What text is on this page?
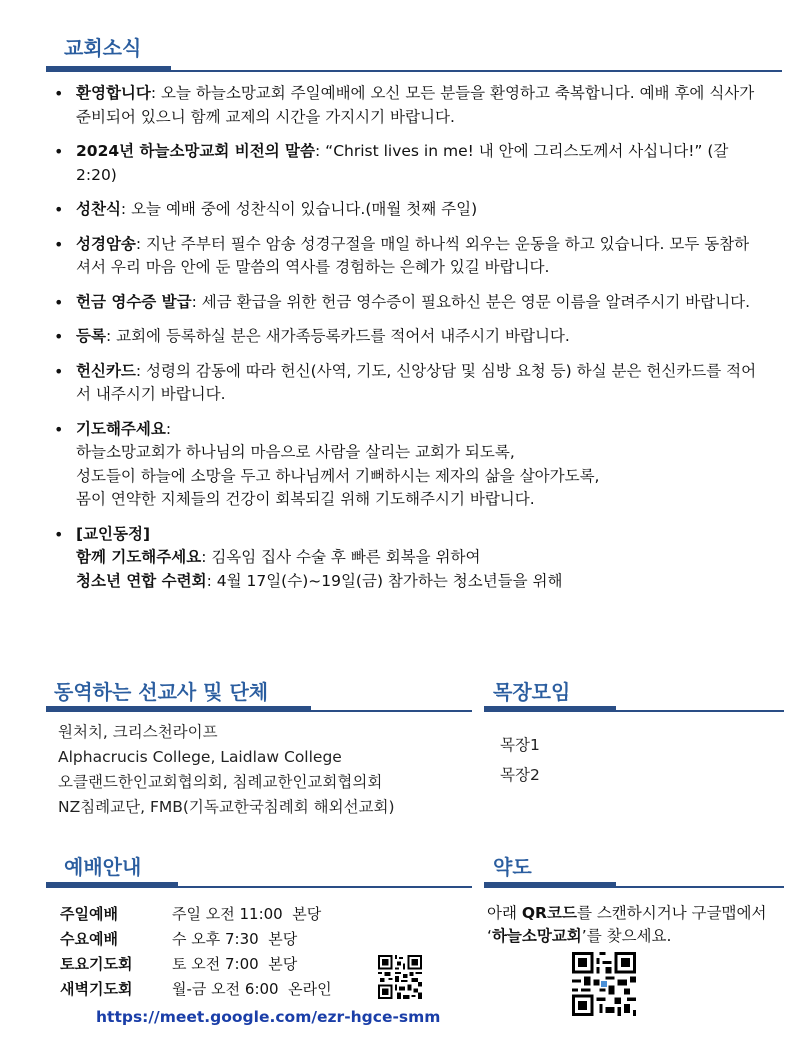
교회소식
• 환영합니다: 오늘 하늘소망교회 주일예배에 오신 모든 분들을 환영하고 축복합니다. 예배 후에 식사가 준비되어 있으니 함께 교제의 시간을 가지시기 바랍니다.
• 2024년 하늘소망교회 비전의 말씀: “Christ lives in me! 내 안에 그리스도께서 사십니다!” (갈 2:20)
• 성찬식: 오늘 예배 중에 성찬식이 있습니다.(매월 첫째 주일)
• 성경암송: 지난 주부터 필수 암송 성경구절을 매일 하나씩 외우는 운동을 하고 있습니다. 모두 동참하셔서 우리 마음 안에 둔 말씀의 역사를 경험하는 은혜가 있길 바랍니다.
• 헌금 영수증 발급: 세금 환급을 위한 헌금 영수증이 필요하신 분은 영문 이름을 알려주시기 바랍니다.
• 등록: 교회에 등록하실 분은 새가족등록카드를 적어서 내주시기 바랍니다.
• 헌신카드: 성령의 감동에 따라 헌신(사역, 기도, 신앙상담 및 심방 요청 등) 하실 분은 헌신카드를 적어서 내주시기 바랍니다.
• 기도해주세요:
하늘소망교회가 하나님의 마음으로 사람을 살리는 교회가 되도록,
성도들이 하늘에 소망을 두고 하나님께서 기뻐하시는 제자의 삶을 살아가도록,
몸이 연약한 지체들의 건강이 회복되길 위해 기도해주시기 바랍니다.
• [교인동정]
함께 기도해주세요: 김옥임 집사 수술 후 빠른 회복을 위하여
청소년 연합 수련회: 4월 17일(수)~19일(금) 참가하는 청소년들을 위해
동역하는 선교사 및 단체
원처치, 크리스천라이프
Alphacrucis College, Laidlaw College
오클랜드한인교회협의회, 침례교한인교회협의회
NZ침례교단, FMB(기독교한국침례회 해외선교회)
목장모임
목장1
목장2
예배안내
주일예배	주일 오전 11:00  본당
수요예배	수 오후 7:30  본당
토요기도회	토 오전 7:00  본당
새벽기도회	월-금 오전 6:00  온라인
https://meet.google.com/ezr-hgce-smm
약도
아래 QR코드를 스캔하시거나 구글맵에서 ‘하늘소망교회’를 찾으세요.
